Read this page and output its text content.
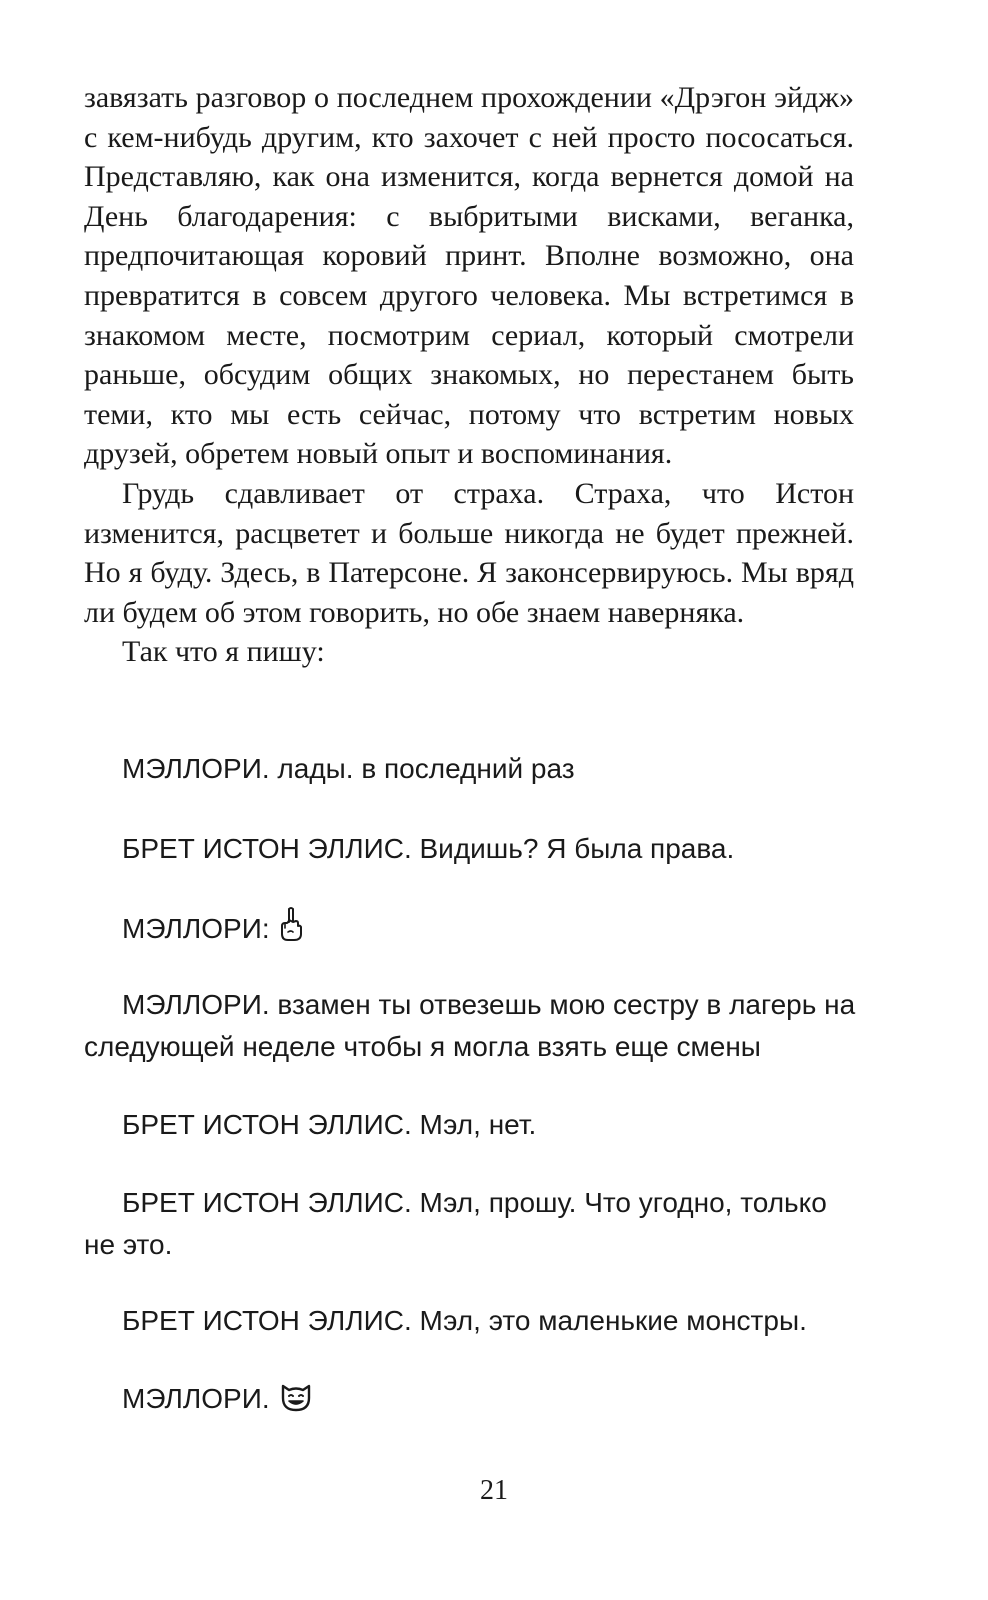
завязать разговор о последнем прохождении «Дрэгон эйдж» с кем-нибудь другим, кто захочет с ней просто пососаться. Представляю, как она изменится, когда вернется домой на День благодарения: с выбритыми висками, веганка, предпочитающая коровий принт. Вполне возможно, она превратится в совсем другого человека. Мы встретимся в знакомом месте, посмотрим сериал, который смотрели раньше, обсудим общих знакомых, но перестанем быть теми, кто мы есть сейчас, потому что встретим новых друзей, обретем новый опыт и воспоминания.

Грудь сдавливает от страха. Страха, что Истон изменится, расцветет и больше никогда не будет прежней. Но я буду. Здесь, в Патерсоне. Я законсервируюсь. Мы вряд ли будем об этом говорить, но обе знаем наверняка.

Так что я пишу:

МЭЛЛОРИ. лады. в последний раз

БРЕТ ИСТОН ЭЛЛИС. Видишь? Я была права.

МЭЛЛОРИ:

МЭЛЛОРИ. взамен ты отвезешь мою сестру в лагерь на следующей неделе чтобы я могла взять еще смены

БРЕТ ИСТОН ЭЛЛИС. Мэл, нет.

БРЕТ ИСТОН ЭЛЛИС. Мэл, прошу. Что угодно, только не это.

БРЕТ ИСТОН ЭЛЛИС. Мэл, это маленькие монстры.

МЭЛЛОРИ.

21
